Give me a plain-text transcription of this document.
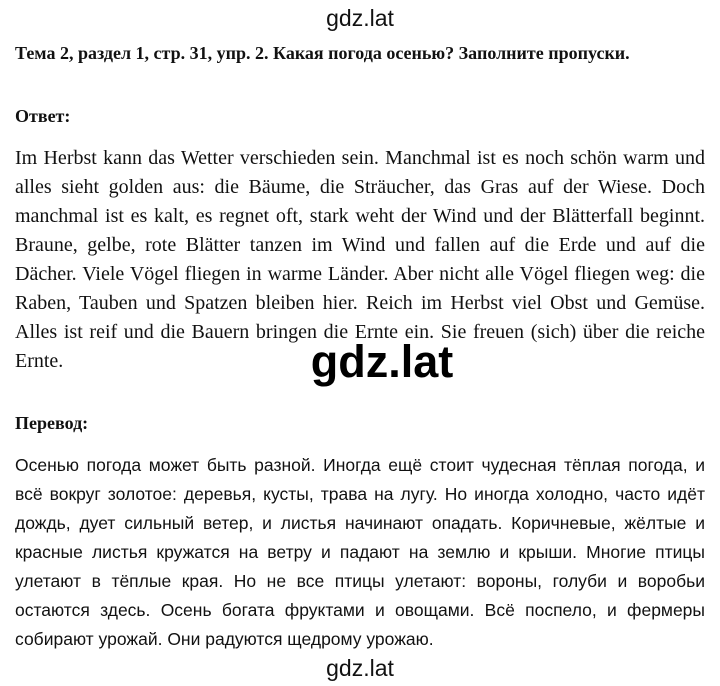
gdz.lat

Тема 2, раздел 1, стр. 31, упр. 2. Какая погода осенью? Заполните пропуски.

Ответ:

Im Herbst kann das Wetter verschieden sein. Manchmal ist es noch schön warm und alles sieht golden aus: die Bäume, die Sträucher, das Gras auf der Wiese. Doch manchmal ist es kalt, es regnet oft, stark weht der Wind und der Blätterfall beginnt. Braune, gelbe, rote Blätter tanzen im Wind und fallen auf die Erde und auf die Dächer. Viele Vögel fliegen in warme Länder. Aber nicht alle Vögel fliegen weg: die Raben, Tauben und Spatzen bleiben hier. Reich im Herbst viel Obst und Gemüse. Alles ist reif und die Bauern bringen die Ernte ein. Sie freuen (sich) über die reiche Ernte.	gdz.lat

Перевод:

Осенью погода может быть разной. Иногда ещё стоит чудесная тёплая погода, и всё вокруг золотое: деревья, кусты, трава на лугу. Но иногда холодно, часто идёт дождь, дует сильный ветер, и листья начинают опадать. Коричневые, жёлтые и красные листья кружатся на ветру и падают на землю и крыши. Многие птицы улетают в тёплые края. Но не все птицы улетают: вороны, голуби и воробьи остаются здесь. Осень богата фруктами и овощами. Всё поспело, и фермеры собирают урожай. Они радуются щедрому урожаю.

gdz.lat
